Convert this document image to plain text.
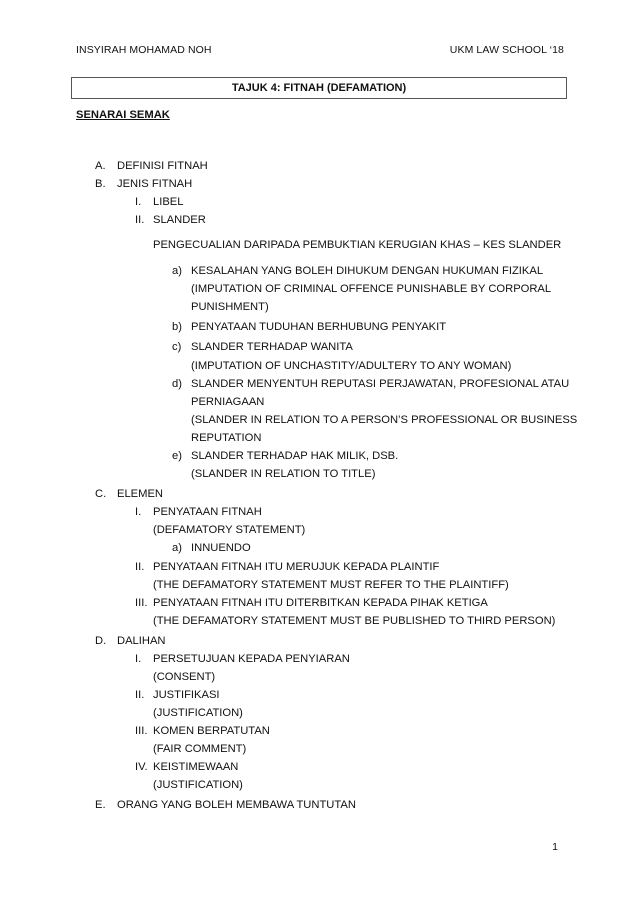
INSYIRAH MOHAMAD NOH	UKM LAW SCHOOL ‘18
TAJUK 4: FITNAH (DEFAMATION)
SENARAI SEMAK
A. DEFINISI FITNAH
B. JENIS FITNAH
I. LIBEL
II. SLANDER
PENGECUALIAN DARIPADA PEMBUKTIAN KERUGIAN KHAS – KES SLANDER
a) KESALAHAN YANG BOLEH DIHUKUM DENGAN HUKUMAN FIZIKAL
(IMPUTATION OF CRIMINAL OFFENCE PUNISHABLE BY CORPORAL
PUNISHMENT)
b) PENYATAAN TUDUHAN BERHUBUNG PENYAKIT
c) SLANDER TERHADAP WANITA
(IMPUTATION OF UNCHASTITY/ADULTERY TO ANY WOMAN)
d) SLANDER MENYENTUH REPUTASI PERJAWATAN, PROFESIONAL ATAU
PERNIAGAAN
(SLANDER IN RELATION TO A PERSON’S PROFESSIONAL OR BUSINESS
REPUTATION
e) SLANDER TERHADAP HAK MILIK, DSB.
(SLANDER IN RELATION TO TITLE)
C. ELEMEN
I. PENYATAAN FITNAH
(DEFAMATORY STATEMENT)
a) INNUENDO
II. PENYATAAN FITNAH ITU MERUJUK KEPADA PLAINTIF
(THE DEFAMATORY STATEMENT MUST REFER TO THE PLAINTIFF)
III. PENYATAAN FITNAH ITU DITERBITKAN KEPADA PIHAK KETIGA
(THE DEFAMATORY STATEMENT MUST BE PUBLISHED TO THIRD PERSON)
D. DALIHAN
I. PERSETUJUAN KEPADA PENYIARAN
(CONSENT)
II. JUSTIFIKASI
(JUSTIFICATION)
III. KOMEN BERPATUTAN
(FAIR COMMENT)
IV. KEISTIMEWAAN
(JUSTIFICATION)
E. ORANG YANG BOLEH MEMBAWA TUNTUTAN
1
